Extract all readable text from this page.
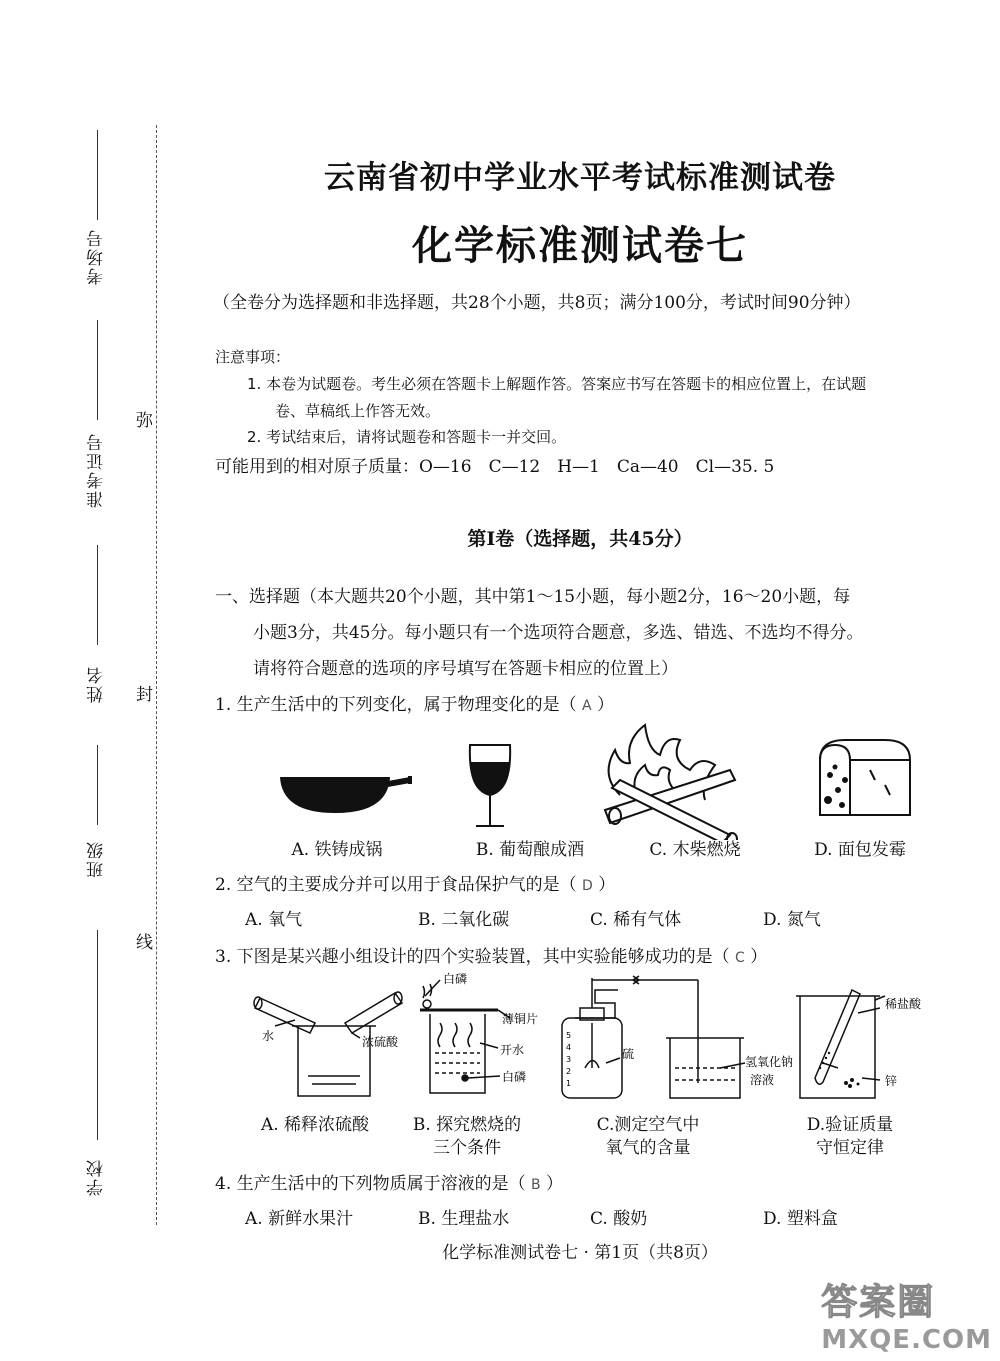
考场号
准考证号
姓名
班级
学校
弥
封
线
云南省初中学业水平考试标准测试卷
化学标准测试卷七
（全卷分为选择题和非选择题，共28个小题，共8页；满分100分，考试时间90分钟）
注意事项：
1. 本卷为试题卷。考生必须在答题卡上解题作答。答案应书写在答题卡的相应位置上，在试题
卷、草稿纸上作答无效。
2. 考试结束后，请将试题卷和答题卡一并交回。
可能用到的相对原子质量：O—16　C—12　H—1　Ca—40　Cl—35. 5
第Ⅰ卷（选择题，共45分）
一、选择题（本大题共20个小题，其中第1～15小题，每小题2分，16～20小题，每
小题3分，共45分。每小题只有一个选项符合题意，多选、错选、不选均不得分。
请将符合题意的选项的序号填写在答题卡相应的位置上）
1. 生产生活中的下列变化，属于物理变化的是（ A ）
A. 铁铸成锅	B. 葡萄酿成酒	C. 木柴燃烧	D. 面包发霉
2. 空气的主要成分并可以用于食品保护气的是（ D ）
A. 氧气	B. 二氧化碳	C. 稀有气体	D. 氮气
3. 下图是某兴趣小组设计的四个实验装置，其中实验能够成功的是（ C ）
水	浓硫酸
白磷
薄铜片
开水
白磷
5
4
3
2
1
硫
氢氧化钠
溶液
稀盐酸
锌
A. 稀释浓硫酸	B. 探究燃烧的
三个条件
C.测定空气中
氧气的含量
D.验证质量
守恒定律
4. 生产生活中的下列物质属于溶液的是（ B ）
A. 新鲜水果汁	B. 生理盐水	C. 酸奶	D. 塑料盒
化学标准测试卷七 · 第1页（共8页）
答案圈
MXQE.COM
